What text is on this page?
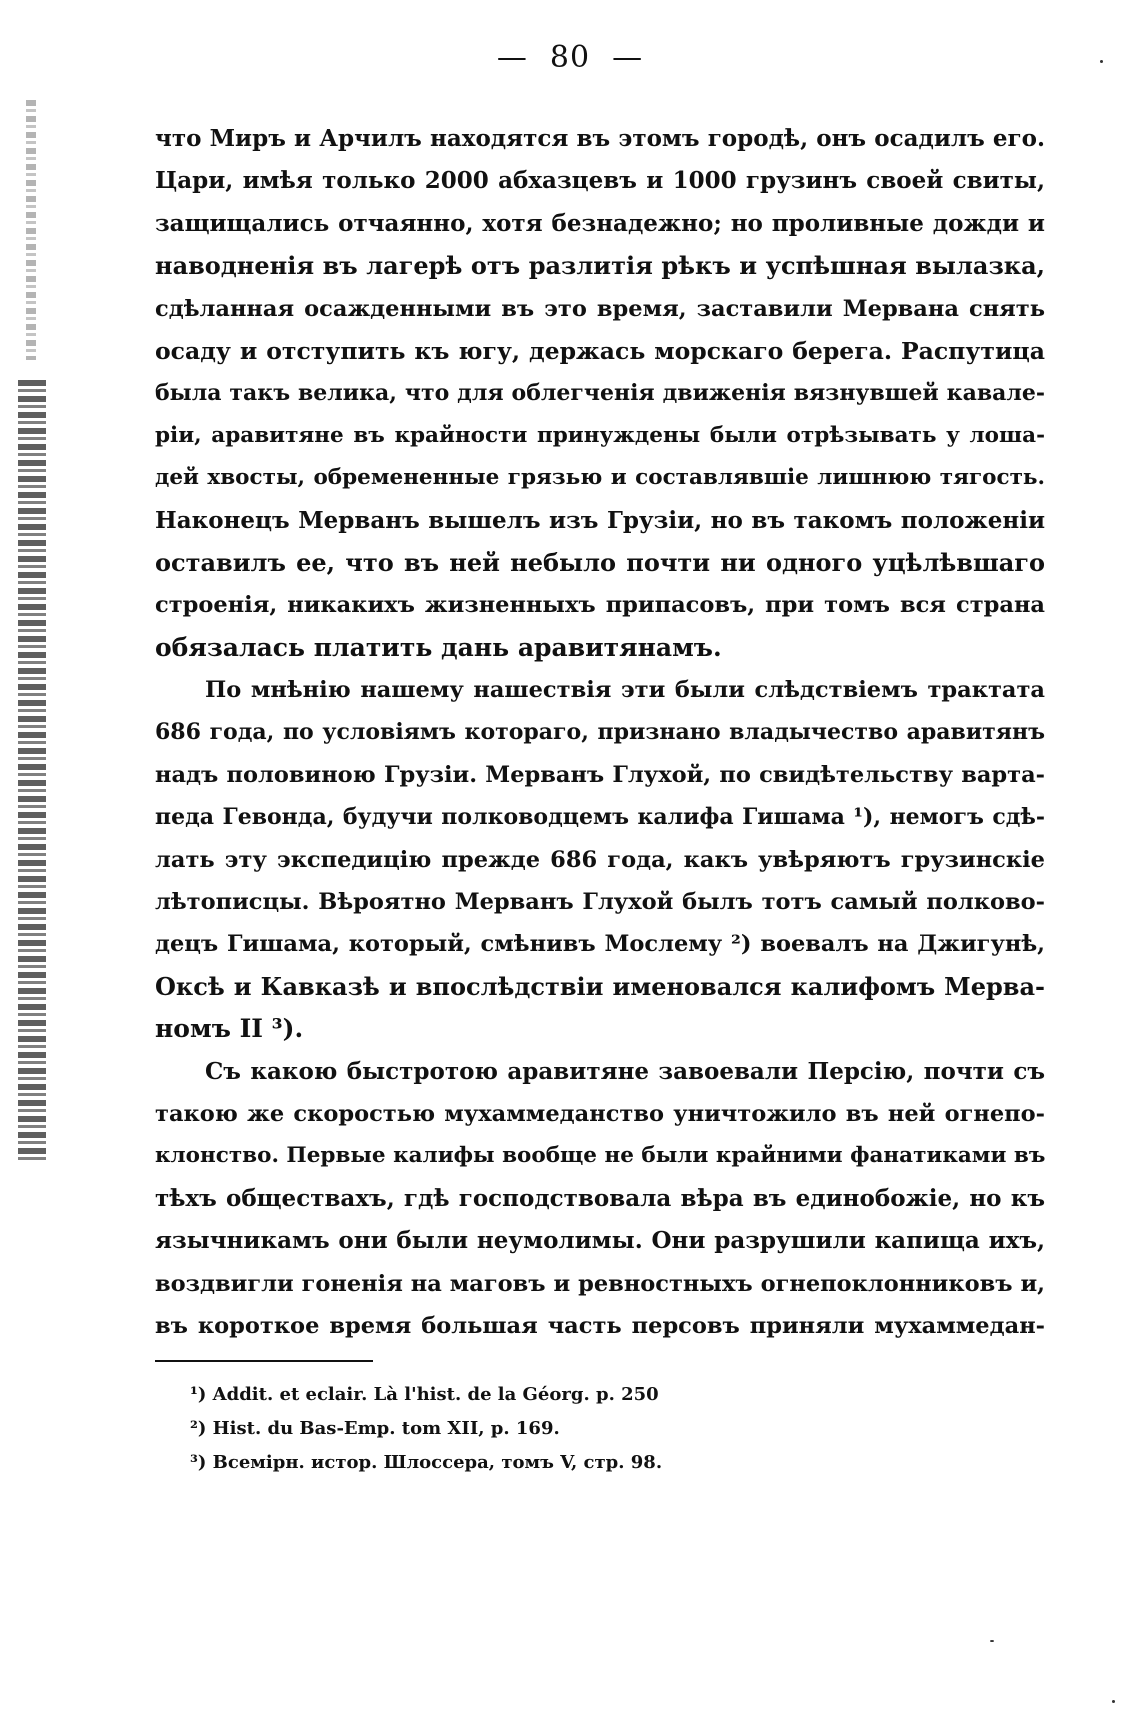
— 80 —
что Миръ и Арчилъ находятся въ этомъ городѣ, онъ осадилъ его.
Цари, имѣя только 2000 абхазцевъ и 1000 грузинъ своей свиты,
защищались отчаянно, хотя безнадежно; но проливные дожди и
наводненія въ лагерѣ отъ разлитія рѣкъ и успѣшная вылазка,
сдѣланная осажденными въ это время, заставили Мервана снять
осаду и отступить къ югу, держась морскаго берега. Распутица
была такъ велика, что для облегченія движенія вязнувшей кавале-
ріи, аравитяне въ крайности принуждены были отрѣзывать у лоша-
дей хвосты, обремененные грязью и составлявшіе лишнюю тягость.
Наконецъ Мерванъ вышелъ изъ Грузіи, но въ такомъ положеніи
оставилъ ее, что въ ней небыло почти ни одного уцѣлѣвшаго
строенія, никакихъ жизненныхъ припасовъ, при томъ вся страна
обязалась платить дань аравитянамъ.
По мнѣнію нашему нашествія эти были слѣдствіемъ трактата
686 года, по условіямъ котораго, признано владычество аравитянъ
надъ половиною Грузіи. Мерванъ Глухой, по свидѣтельству варта-
педа Гевонда, будучи полководцемъ калифа Гишама ¹), немогъ сдѣ-
лать эту экспедицію прежде 686 года, какъ увѣряютъ грузинскіе
лѣтописцы. Вѣроятно Мерванъ Глухой былъ тотъ самый полково-
децъ Гишама, который, смѣнивъ Мослему ²) воевалъ на Джигунѣ,
Оксѣ и Кавказѣ и впослѣдствіи именовался калифомъ Мерва-
номъ II ³).
Съ какою быстротою аравитяне завоевали Персію, почти съ
такою же скоростью мухаммеданство уничтожило въ ней огнепо-
клонство. Первые калифы вообще не были крайними фанатиками въ
тѣхъ обществахъ, гдѣ господствовала вѣра въ единобожіе, но къ
язычникамъ они были неумолимы. Они разрушили капища ихъ,
воздвигли гоненія на маговъ и ревностныхъ огнепоклонниковъ и,
въ короткое время большая часть персовъ приняли мухаммедан-
¹) Addit. et eclair. Là l'hist. de la Géorg. p. 250
²) Hist. du Bas-Emp. tom XII, p. 169.
³) Всемірн. истор. Шлоссера, томъ V, стр. 98.
